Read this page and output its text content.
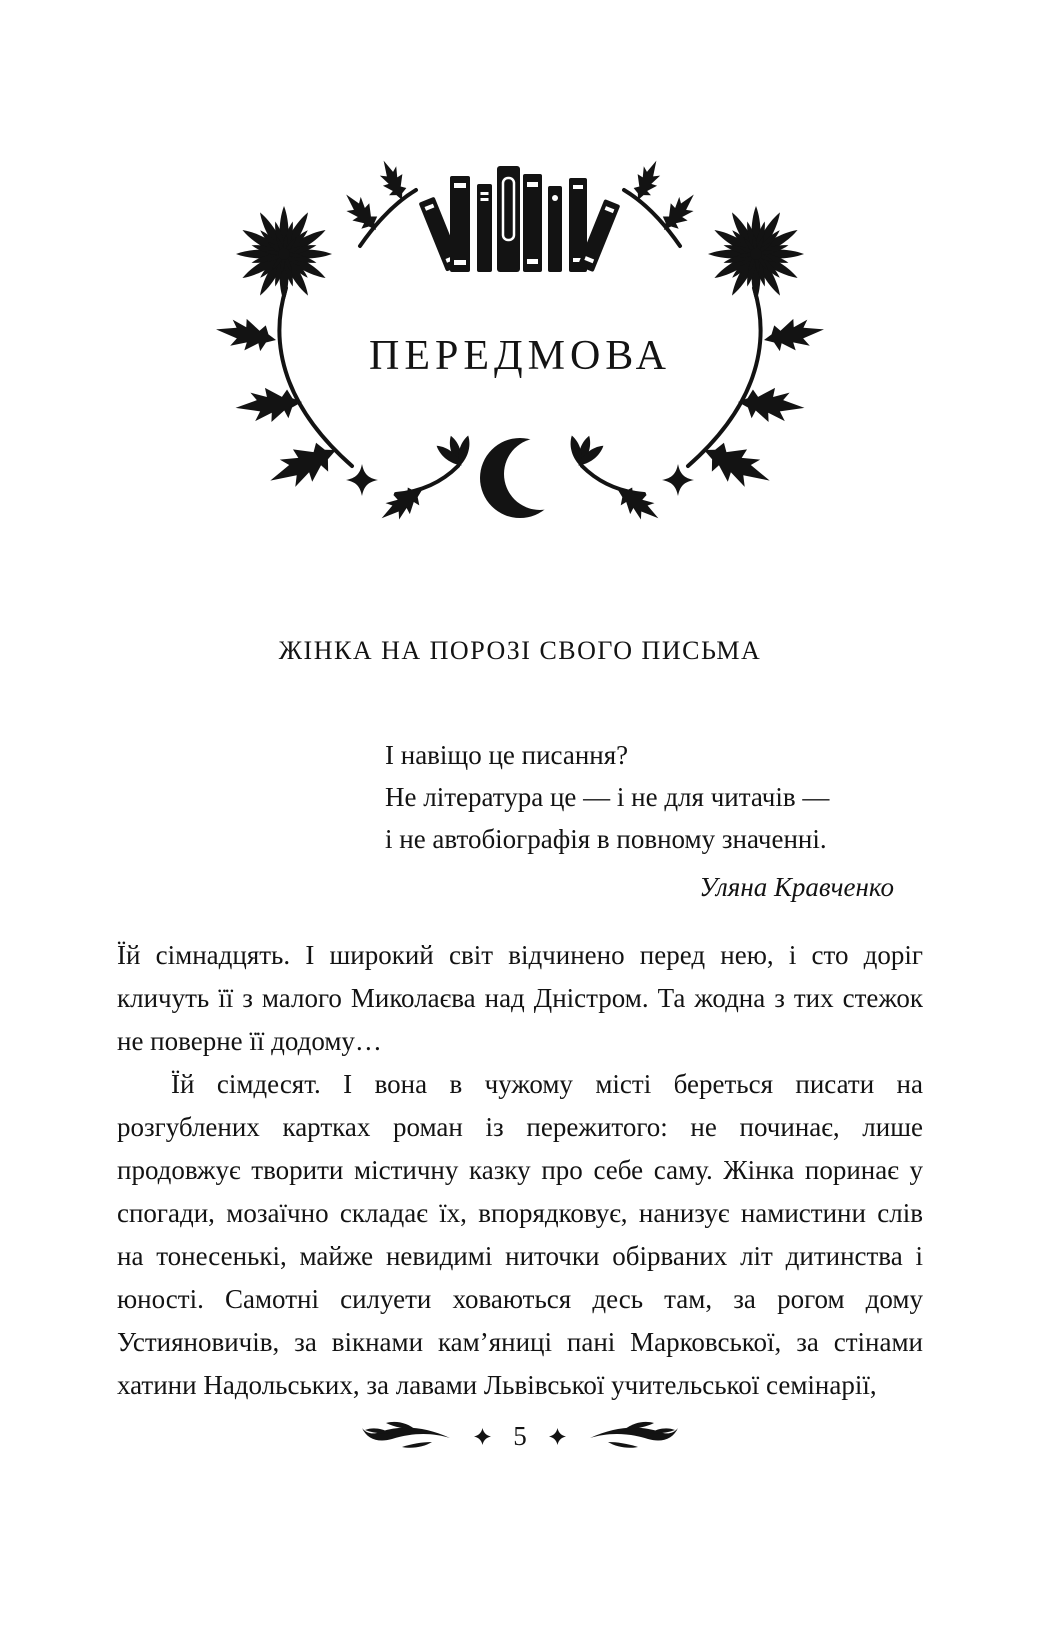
ПЕРЕДМОВА
ЖІНКА НА ПОРОЗІ СВОГО ПИСЬМА

І навіщо це писання?

Не література це — і не для читачів —

і не автобіографія в повному значенні.

Уляна Кравченко

Їй сімнадцять. І широкий світ відчинено перед нею, і сто доріг кличуть її з малого Миколаєва над Дністром. Та жодна з тих стежок не поверне її додому…

Їй сімдесят. І вона в чужому місті береться писати на розгублених картках роман із пережитого: не починає, лише продовжує творити містичну казку про себе саму. Жінка поринає у спогади, мозаїчно складає їх, впорядковує, нанизує намистини слів на тонесенькі, майже невидимі ниточки обірваних літ дитинства і юності. Самотні силуети ховаються десь там, за рогом дому Устияновичів, за вікнами кам’яниці пані Марковської, за стінами хатини Надольських, за лавами Львівської учительської семінарії,

5
